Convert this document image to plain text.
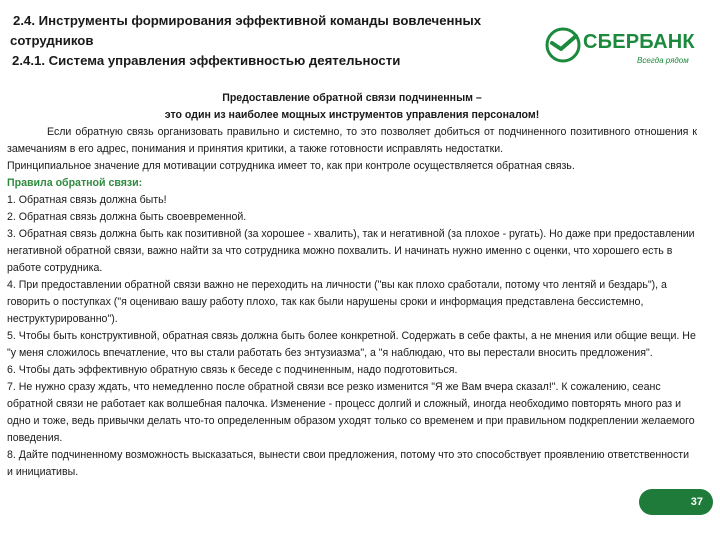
2.4. Инструменты формирования эффективной команды вовлеченных
сотрудников
2.4.1. Система управления эффективностью деятельности
СБЕРБАНК
Всегда рядом

Предоставление обратной связи подчиненным –

это один из наиболее мощных инструментов управления персоналом!

Если обратную связь организовать правильно и системно, то это позволяет добиться от подчиненного позитивного отношения к замечаниям в его адрес, понимания и принятия критики, а также готовности исправлять недостатки.

Принципиальное значение для мотивации сотрудника имеет то, как при контроле осуществляется обратная связь.

Правила обратной связи:

1. Обратная связь должна быть!

2. Обратная связь должна быть своевременной.

3. Обратная связь должна быть как позитивной (за хорошее - хвалить), так и негативной (за плохое - ругать). Но даже при предоставлении негативной обратной связи, важно найти за что сотрудника можно похвалить. И начинать нужно именно с оценки, что хорошего есть в работе сотрудника.

4. При предоставлении обратной связи важно не переходить на личности ("вы как плохо сработали, потому что лентяй и бездарь"), а говорить о поступках ("я оцениваю вашу работу плохо, так как были нарушены сроки и информация представлена бессистемно, неструктурированно").

5. Чтобы быть конструктивной, обратная связь должна быть более конкретной. Содержать в себе факты, а не мнения или общие вещи. Не "у меня сложилось впечатление, что вы стали работать без энтузиазма", а "я наблюдаю, что вы перестали вносить предложения".

6. Чтобы дать эффективную обратную связь к беседе с подчиненным, надо подготовиться.

7. Не нужно сразу ждать, что немедленно после обратной связи все резко изменится "Я же Вам вчера сказал!". К сожалению, сеанс обратной связи не работает как волшебная палочка. Изменение - процесс долгий и сложный, иногда необходимо повторять много раз и одно и тоже, ведь привычки делать что-то определенным образом уходят только со временем и при правильном подкреплении желаемого поведения.

8. Дайте подчиненному возможность высказаться, вынести свои предложения, потому что это способствует проявлению ответственности и инициативы.

37
